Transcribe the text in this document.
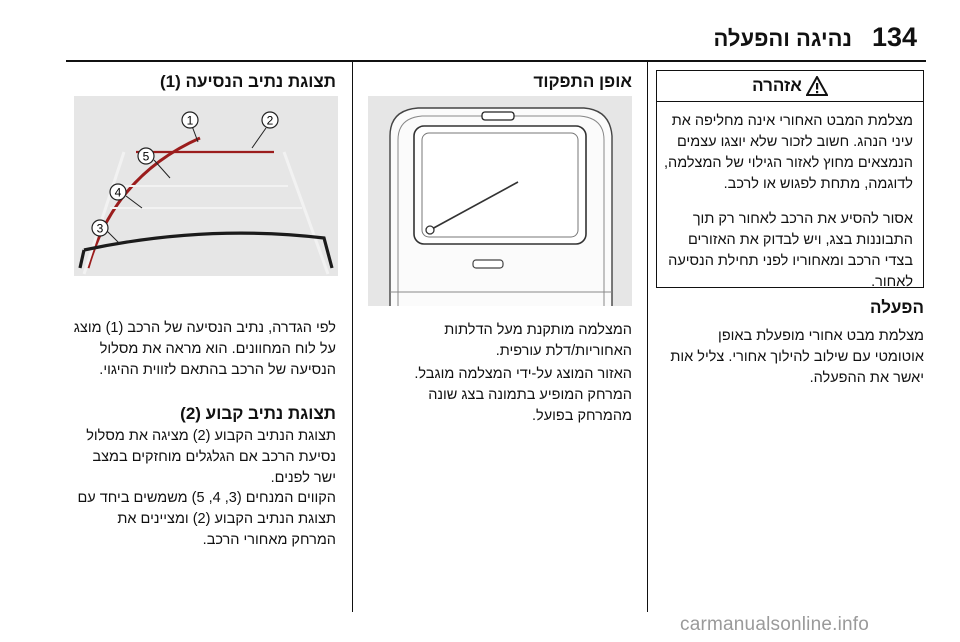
134
נהיגה והפעלה
אזהרה
מצלמת המבט האחורי אינה מחליפה את עיני הנהג. חשוב לזכור שלא יוצגו עצמים הנמצאים מחוץ לאזור הגילוי של המצלמה, לדוגמה, מתחת לפגוש או לרכב.
אסור להסיע את הרכב לאחור רק תוך התבוננות בצג, ויש לבדוק את האזורים בצדי הרכב ומאחוריו לפני תחילת הנסיעה לאחור.
הפעלה
מצלמת מבט אחורי מופעלת באופן אוטומטי עם שילוב להילוך אחורי. צליל אות יאשר את ההפעלה.
אופן התפקוד
המצלמה מותקנת מעל הדלתות האחוריות/דלת עורפית.
האזור המוצג על-ידי המצלמה מוגבל. המרחק המופיע בתמונה בצג שונה מהמרחק בפועל.
תצוגת נתיב הנסיעה (1)
1	2
3
4
5
לפי הגדרה, נתיב הנסיעה של הרכב (1) מוצג על לוח המחוונים. הוא מראה את מסלול הנסיעה של הרכב בהתאם לזווית ההיגוי.
תצוגת נתיב קבוע (2)
תצוגת הנתיב הקבוע (2) מציגה את מסלול נסיעת הרכב אם הגלגלים מוחזקים במצב ישר לפנים.
הקווים המנחים (3, 4, 5) משמשים ביחד עם תצוגת הנתיב הקבוע (2) ומציינים את המרחק מאחורי הרכב.
carmanualsonline.info
